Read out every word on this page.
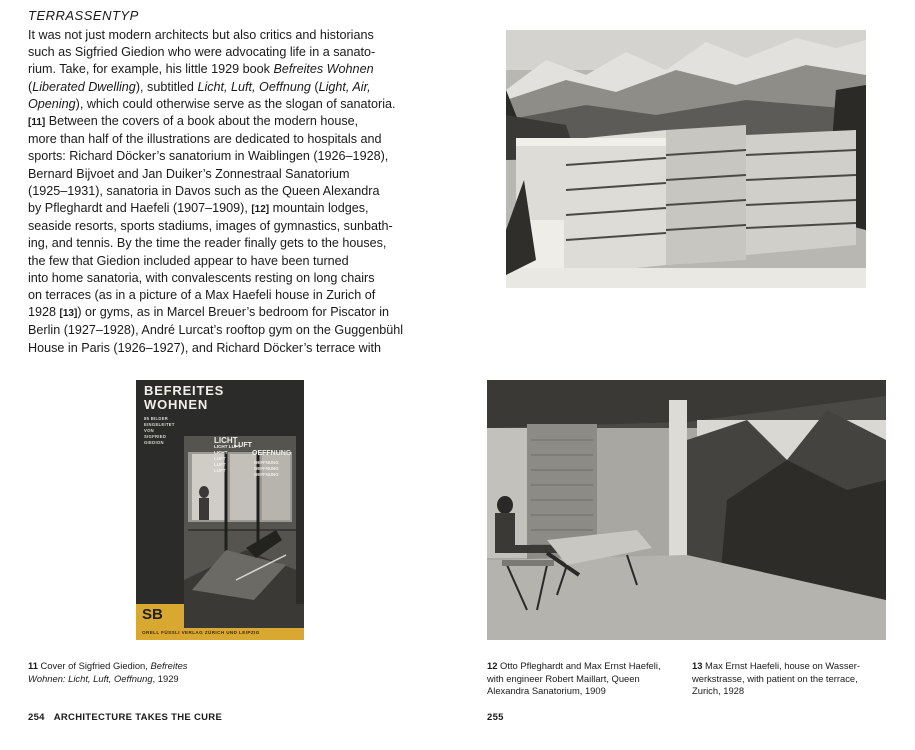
TERRASSENTYP
It was not just modern architects but also critics and historians
such as Sigfried Giedion who were advocating life in a sanato-
rium. Take, for example, his little 1929 book Befreites Wohnen
(Liberated Dwelling), subtitled Licht, Luft, Oeffnung (Light, Air,
Opening), which could otherwise serve as the slogan of sanatoria.
[11] Between the covers of a book about the modern house,
more than half of the illustrations are dedicated to hospitals and
sports: Richard Döcker’s sanatorium in Waiblingen (1926–1928),
Bernard Bijvoet and Jan Duiker’s Zonnestraal Sanatorium
(1925–1931), sanatoria in Davos such as the Queen Alexandra
by Pfleghardt and Haefeli (1907–1909), [12] mountain lodges,
seaside resorts, sports stadiums, images of gymnastics, sunbath-
ing, and tennis. By the time the reader finally gets to the houses,
the few that Giedion included appear to have been turned
into home sanatoria, with convalescents resting on long chairs
on terraces (as in a picture of a Max Haefeli house in Zurich of
1928 [13]) or gyms, as in Marcel Breuer’s bedroom for Piscator in
Berlin (1927–1928), André Lurcat’s rooftop gym on the Guggenbühl
House in Paris (1926–1927), and Richard Döcker’s terrace with
BEFREITES
WOHNEN
85 BILDER
EINGELEITET
VON
SIGFRIED
GIEDION	LICHT
LICHT LUFT
LICHT
LUFT
LUFT
LUFT
LUFT
OEFFNUNG
OEFFNUNG
OEFFNUNG
OEFFNUNG
SB
ORELL FÜSSLI VERLAG ZÜRICH UND LEIPZIG
11 Cover of Sigfried Giedion, Befreites Wohnen: Licht, Luft, Oeffnung, 1929
12 Otto Pfleghardt and Max Ernst Haefeli,
with engineer Robert Maillart, Queen
Alexandra Sanatorium, 1909
13 Max Ernst Haefeli, house on Wasser-
werkstrasse, with patient on the terrace,
Zurich, 1928
254 ARCHITECTURE TAKES THE CURE	255
